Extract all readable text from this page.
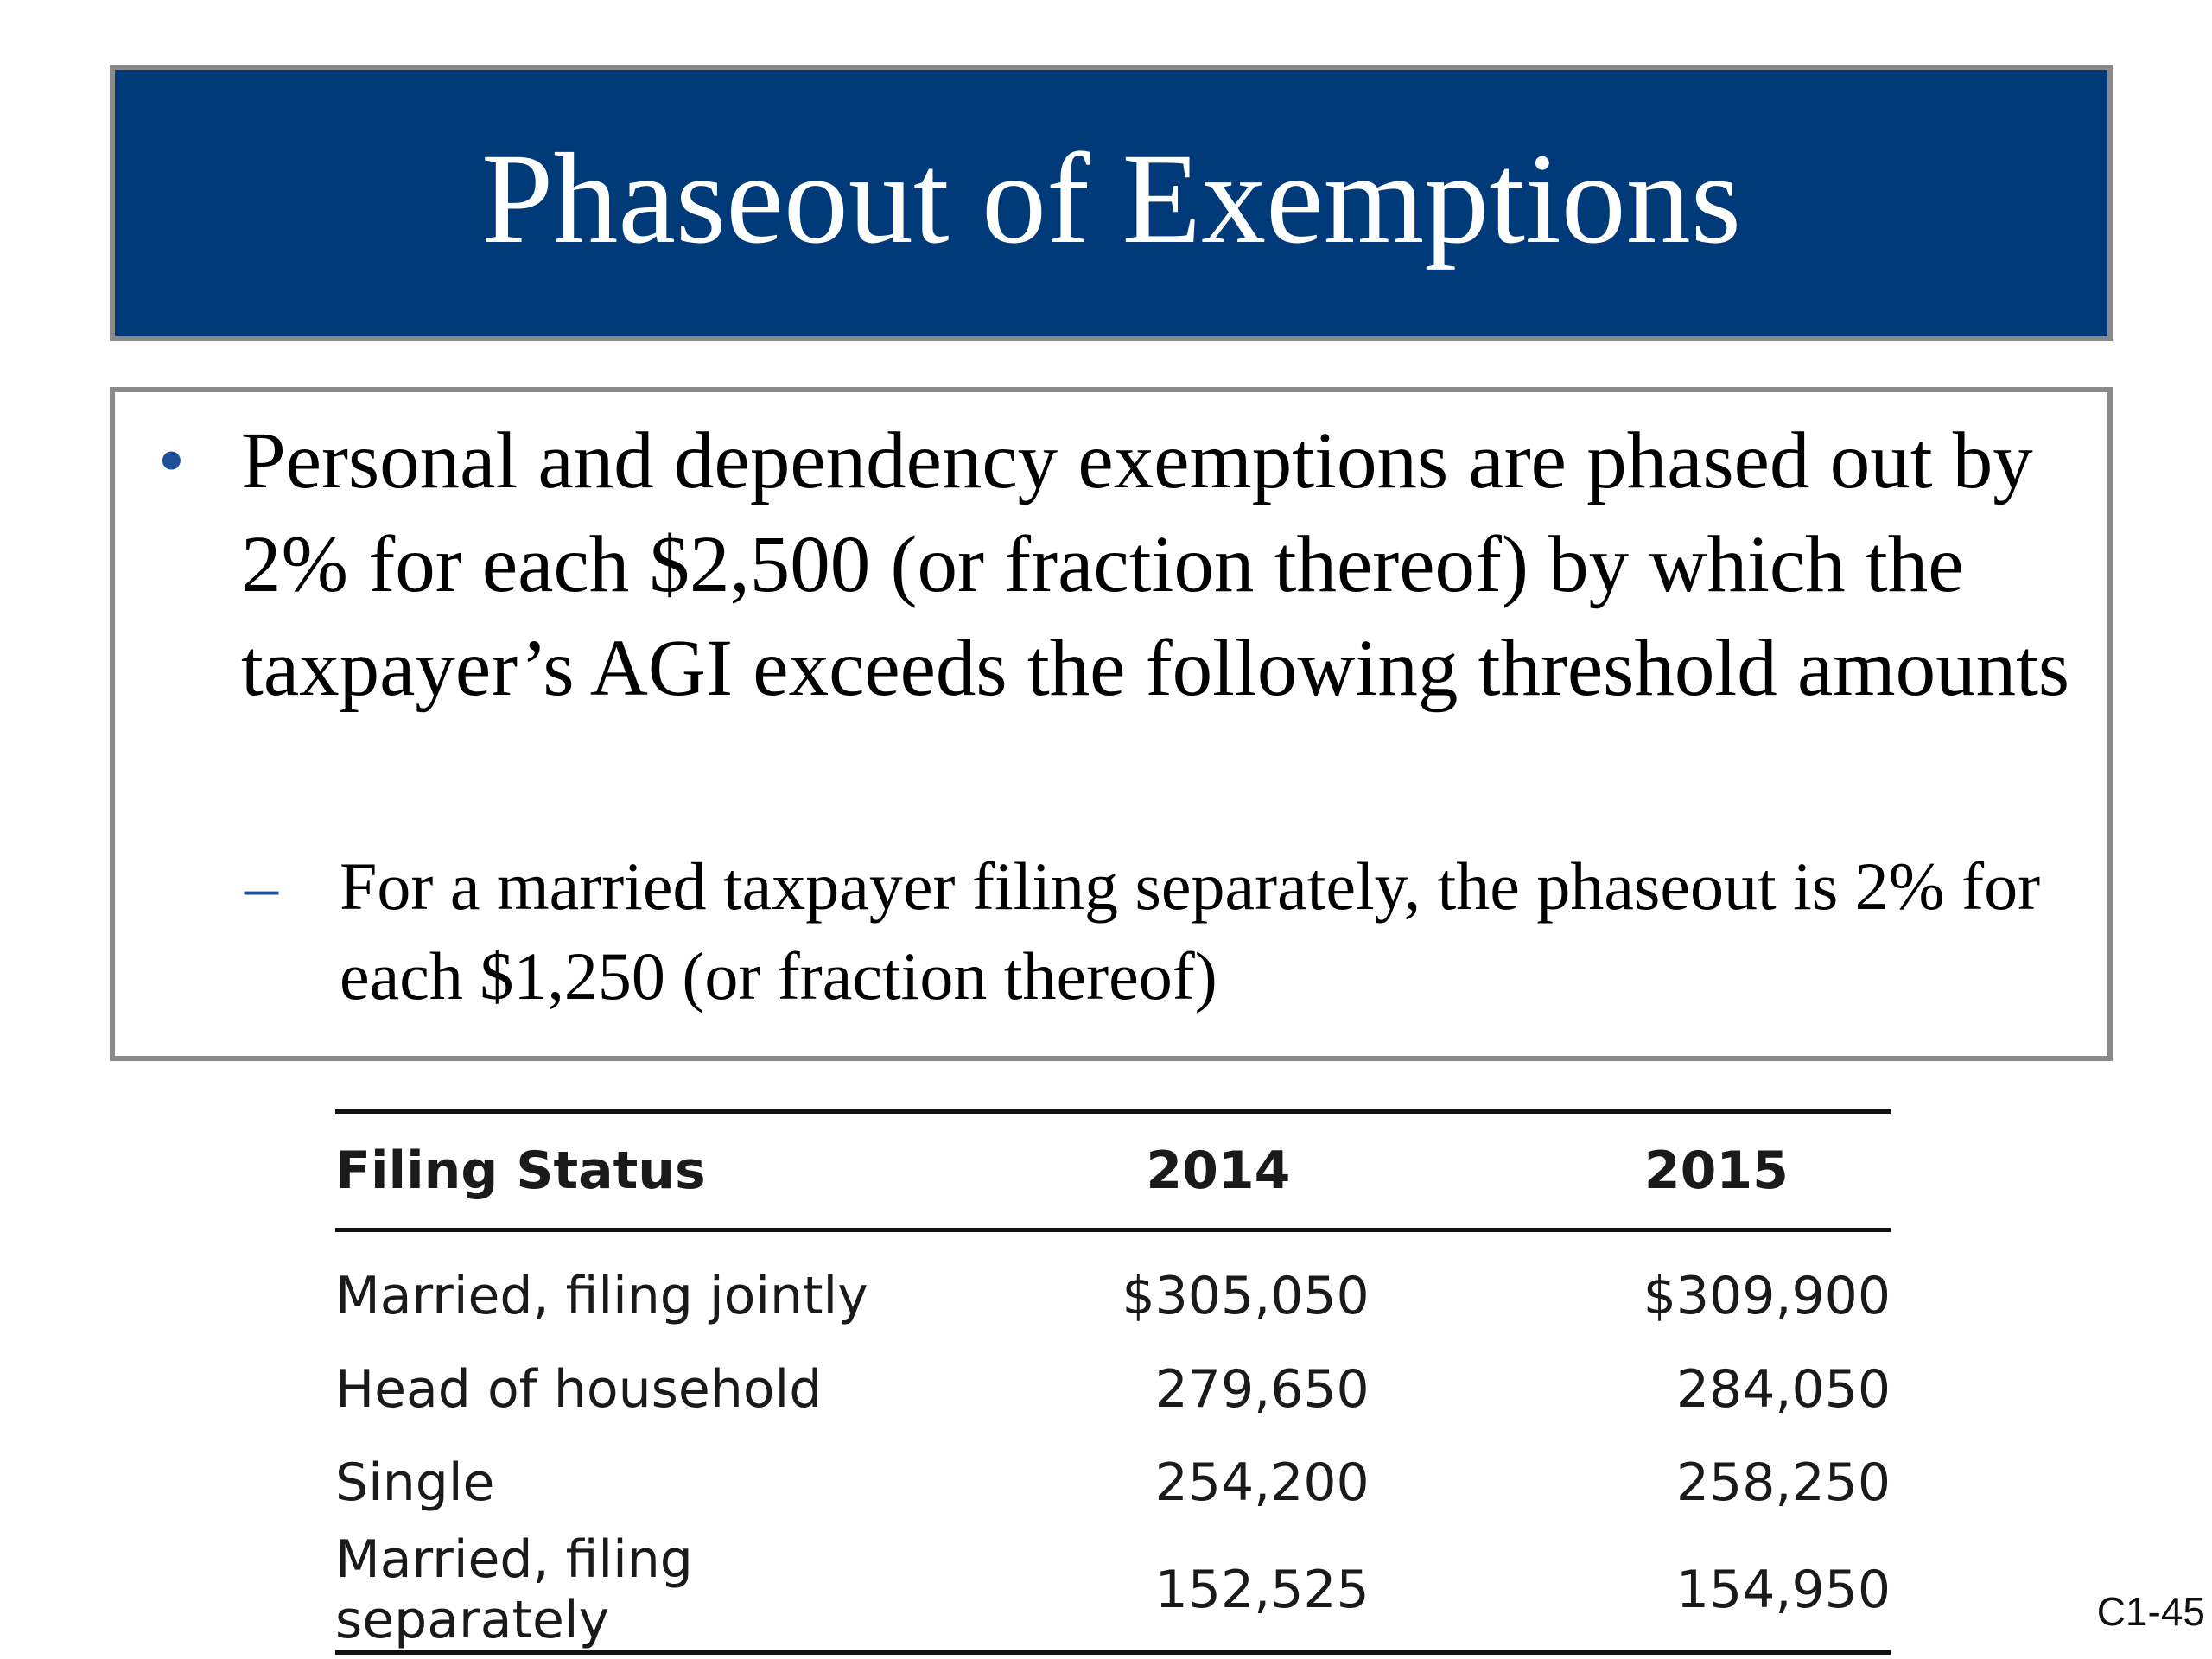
Phaseout of Exemptions
• Personal and dependency exemptions are phased out by 2% for each $2,500 (or fraction thereof) by which the taxpayer’s AGI exceeds the following threshold amounts
– For a married taxpayer filing separately, the phaseout is 2% for each $1,250 (or fraction thereof)
Filing Status	2014	2015
Married, filing jointly	$305,050	$309,900
Head of household	279,650	284,050
Single	254,200	258,250
Married, filing separately	152,525	154,950	C1-45
